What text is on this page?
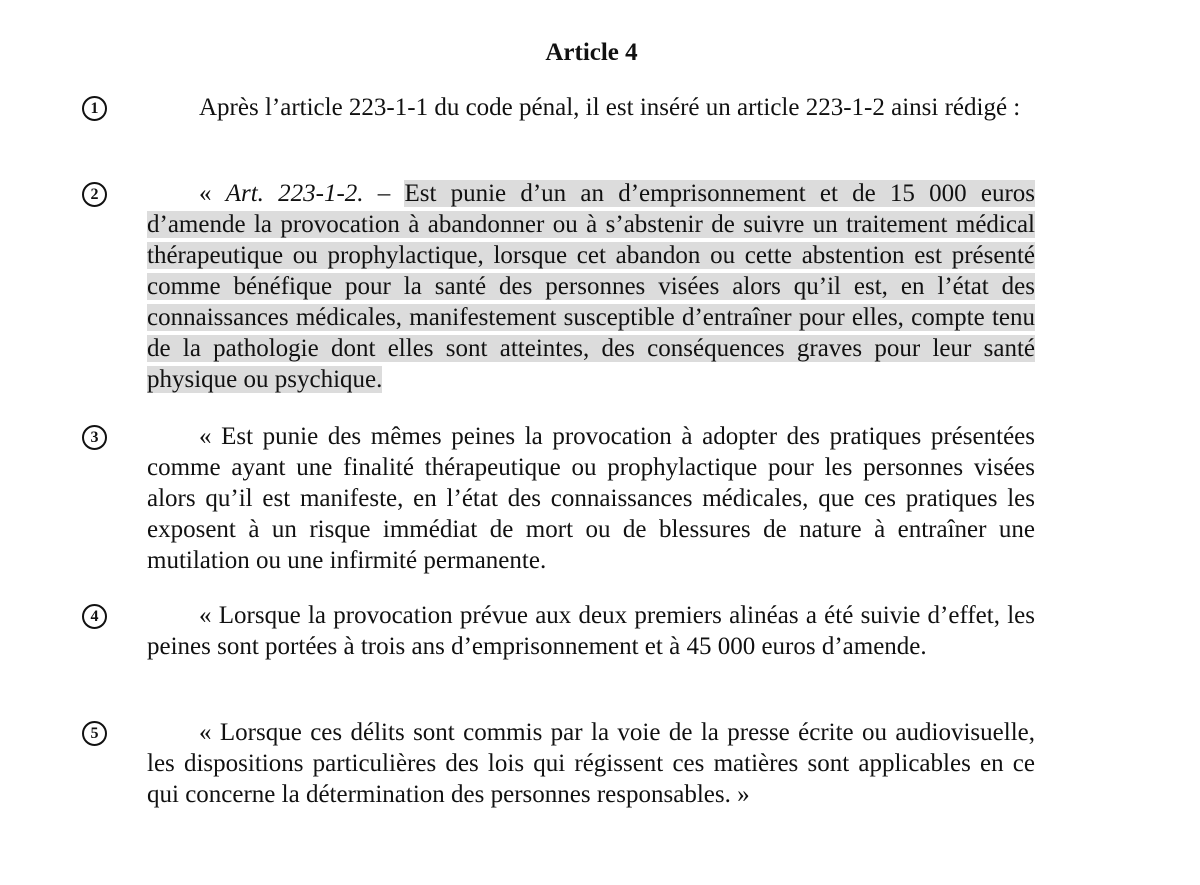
Article 4
1	Après l’article 223-1-1 du code pénal, il est inséré un article 223-1-2 ainsi rédigé :
2	« Art. 223-1-2. – Est punie d’un an d’emprisonnement et de 15 000 euros d’amende la provocation à abandonner ou à s’abstenir de suivre un traitement médical thérapeutique ou prophylactique, lorsque cet abandon ou cette abstention est présenté comme bénéfique pour la santé des personnes visées alors qu’il est, en l’état des connaissances médicales, manifestement susceptible d’entraîner pour elles, compte tenu de la pathologie dont elles sont atteintes, des conséquences graves pour leur santé physique ou psychique.
3	« Est punie des mêmes peines la provocation à adopter des pratiques présentées comme ayant une finalité thérapeutique ou prophylactique pour les personnes visées alors qu’il est manifeste, en l’état des connaissances médicales, que ces pratiques les exposent à un risque immédiat de mort ou de blessures de nature à entraîner une mutilation ou une infirmité permanente.
4	« Lorsque la provocation prévue aux deux premiers alinéas a été suivie d’effet, les peines sont portées à trois ans d’emprisonnement et à 45 000 euros d’amende.
5	« Lorsque ces délits sont commis par la voie de la presse écrite ou audiovisuelle, les dispositions particulières des lois qui régissent ces matières sont applicables en ce qui concerne la détermination des personnes responsables. »
